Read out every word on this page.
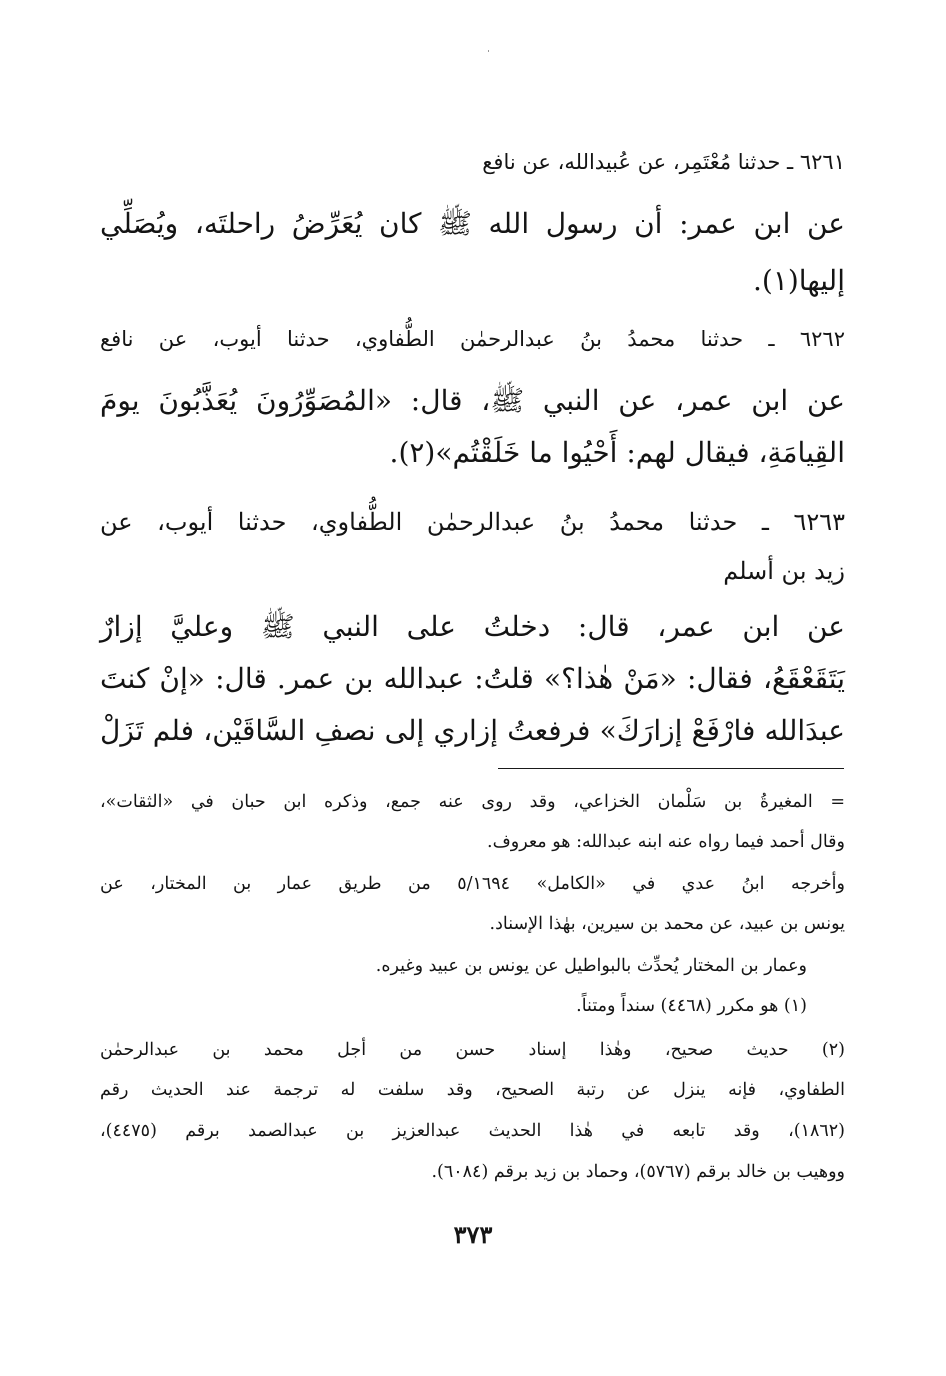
٦٢٦١ ـ حدثنا مُعْتَمِر، عن عُبيدالله، عن نافع

عن ابن عمر: أن رسول الله ﷺ كان يُعَرِّضُ راحلتَه، ويُصَلِّي

إليها(١).

٦٢٦٢ ـ حدثنا محمدُ بنُ عبدالرحمٰن الطُّفاوي، حدثنا أيوب، عن نافع

عن ابن عمر، عن النبي ﷺ، قال: «المُصَوِّرُونَ يُعَذَّبُونَ يومَ

القِيامَةِ، فيقال لهم: أَحْيُوا ما خَلَقْتُم»(٢).

٦٢٦٣ ـ حدثنا محمدُ بنُ عبدالرحمٰن الطُّفاوي، حدثنا أيوب، عن

زيد بن أسلم

عن ابن عمر، قال: دخلتُ على النبي ﷺ وعليَّ إزارٌ

يَتَقَعْقَعُ، فقال: «مَنْ هٰذا؟» قلتُ: عبدالله بن عمر. قال: «إنْ كنتَ

عبدَالله فارْفَعْ إزارَكَ» فرفعتُ إزاري إلى نصفِ السَّاقَيْن، فلم تَزَلْ

= المغيرةُ بن سَلْمان الخزاعي، وقد روى عنه جمع، وذكره ابن حبان في «الثقات»،

وقال أحمد فيما رواه عنه ابنه عبدالله: هو معروف.

وأخرجه ابنُ عدي في «الكامل» ٥/١٦٩٤ من طريق عمار بن المختار، عن

يونس بن عبيد، عن محمد بن سيرين، بهٰذا الإسناد.

وعمار بن المختار يُحدِّث بالبواطيل عن يونس بن عبيد وغيره.

(١) هو مكرر (٤٤٦٨) سنداً ومتناً.

(٢) حديث صحيح، وهٰذا إسناد حسن من أجل محمد بن عبدالرحمٰن

الطفاوي، فإنه ينزل عن رتبة الصحيح، وقد سلفت له ترجمة عند الحديث رقم

(١٨٦٢)، وقد تابعه في هٰذا الحديث عبدالعزيز بن عبدالصمد برقم (٤٤٧٥)،

ووهيب بن خالد برقم (٥٧٦٧)، وحماد بن زيد برقم (٦٠٨٤).

٣٧٣
